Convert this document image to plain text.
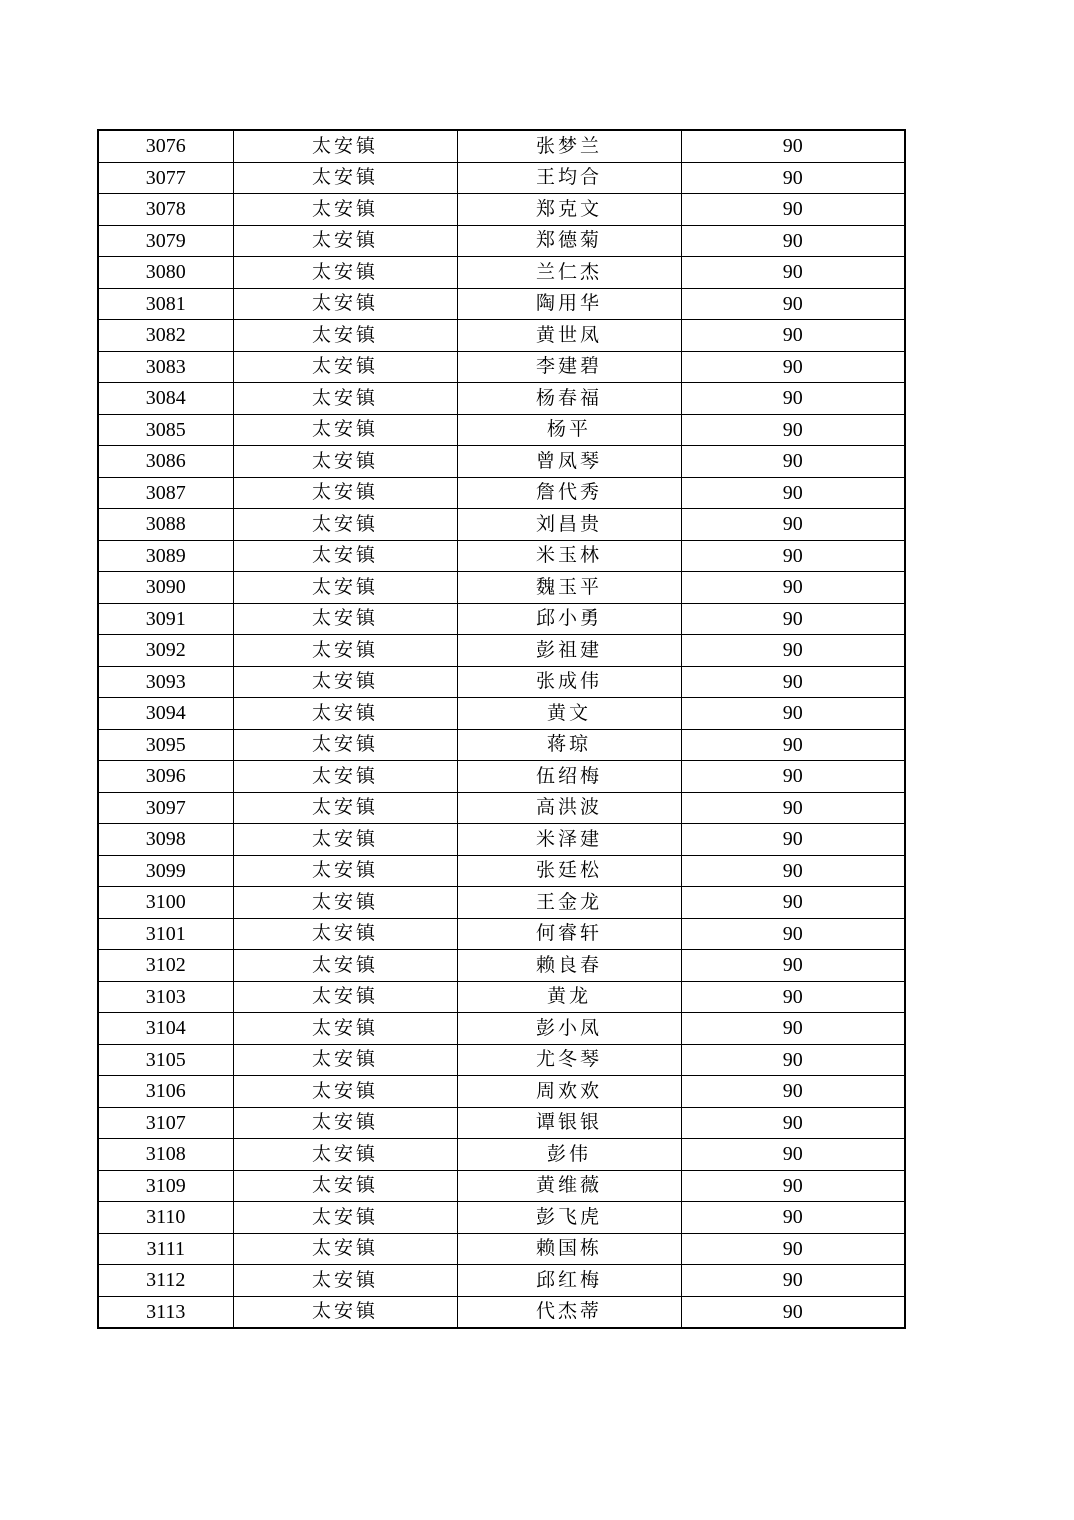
3076	太安镇	张梦兰	90
3077	太安镇	王均合	90
3078	太安镇	郑克文	90
3079	太安镇	郑德菊	90
3080	太安镇	兰仁杰	90
3081	太安镇	陶用华	90
3082	太安镇	黄世凤	90
3083	太安镇	李建碧	90
3084	太安镇	杨春福	90
3085	太安镇	杨平	90
3086	太安镇	曾凤琴	90
3087	太安镇	詹代秀	90
3088	太安镇	刘昌贵	90
3089	太安镇	米玉林	90
3090	太安镇	魏玉平	90
3091	太安镇	邱小勇	90
3092	太安镇	彭祖建	90
3093	太安镇	张成伟	90
3094	太安镇	黄文	90
3095	太安镇	蒋琼	90
3096	太安镇	伍绍梅	90
3097	太安镇	高洪波	90
3098	太安镇	米泽建	90
3099	太安镇	张廷松	90
3100	太安镇	王金龙	90
3101	太安镇	何睿轩	90
3102	太安镇	赖良春	90
3103	太安镇	黄龙	90
3104	太安镇	彭小凤	90
3105	太安镇	尤冬琴	90
3106	太安镇	周欢欢	90
3107	太安镇	谭银银	90
3108	太安镇	彭伟	90
3109	太安镇	黄维薇	90
3110	太安镇	彭飞虎	90
3111	太安镇	赖国栋	90
3112	太安镇	邱红梅	90
3113	太安镇	代杰蒂	90
